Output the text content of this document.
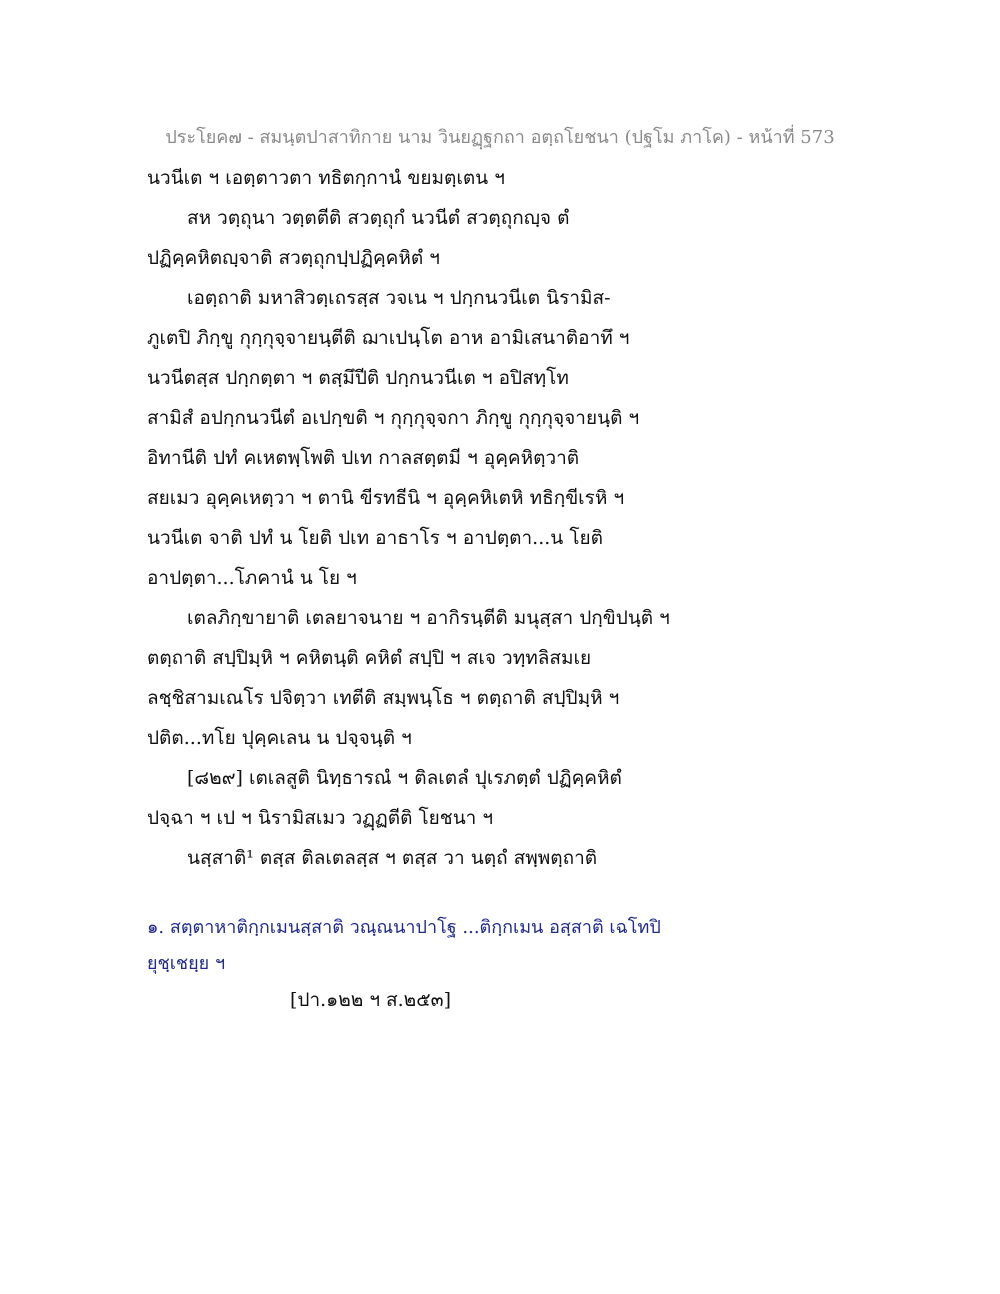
ประโยค๗ - สมนฺตปาสาทิกาย นาม วินยฏฺฐกถา อตฺถโยชนา (ปฐโม ภาโค) - หน้าที่ 573
นวนีเต ฯ เอตฺตาวตา ทธิตกฺกานํ ขยมตฺเตน ฯ
สห วตฺถุนา วตฺตตีติ สวตฺถุกํ นวนีตํ สวตฺถุกญฺจ ตํ
ปฏิคฺคหิตญฺจาติ สวตฺถุกปฺปฏิคฺคหิตํ ฯ
เอตฺถาติ มหาสิวตฺเถรสฺส วจเน ฯ ปกฺกนวนีเต นิรามิส-
ภูเตปิ ภิกฺขู กุกฺกุจฺจายนฺตีติ ฌาเปนฺโต อาห อามิเสนาติอาทึ ฯ
นวนีตสฺส ปกฺกตฺตา ฯ ตสฺมึปีติ ปกฺกนวนีเต ฯ อปิสทฺโท
สามิสํ อปกฺกนวนีตํ อเปกฺขติ ฯ กุกฺกุจฺจกา ภิกฺขู กุกฺกุจฺจายนฺติ ฯ
อิทานีติ ปทํ คเหตพฺโพติ ปเท กาลสตฺตมี ฯ อุคฺคหิตฺวาติ
สยเมว อุคฺคเหตฺวา ฯ ตานิ ขีรทธีนิ ฯ อุคฺคหิเตหิ ทธิกฺขีเรหิ ฯ
นวนีเต จาติ ปทํ น โยติ ปเท อาธาโร ฯ อาปตฺตา...น โยติ
อาปตฺตา...โภคานํ น โย ฯ
เตลภิกฺขายาติ เตลยาจนาย ฯ อากิรนฺตีติ มนุสฺสา ปกฺขิปนฺติ ฯ
ตตฺถาติ สปฺปิมฺหิ ฯ คหิตนฺติ คหิตํ สปฺปิ ฯ สเจ วทฺทลิสมเย
ลชฺชิสามเณโร ปจิตฺวา เทตีติ สมฺพนฺโธ ฯ ตตฺถาติ สปฺปิมฺหิ ฯ
ปติต...ทโย ปุคฺคเลน น ปจฺจนฺติ ฯ
[๘๒๙] เตเลสูติ นิทฺธารณํ ฯ ติลเตลํ ปุเรภตฺตํ ปฏิคฺคหิตํ
ปจฺฉา ฯ เป ฯ นิรามิสเมว วฏฺฏตีติ โยชนา ฯ
นสฺสาติ¹ ตสฺส ติลเตลสฺส ฯ ตสฺส วา นตฺถํ สพฺพตฺถาติ
๑. สตฺตาหาติกฺกเมนสฺสาติ วณฺณนาปาโฐ ...ติกฺกเมน อสฺสาติ เฉโทปิ
ยุชฺเชยฺย ฯ
[ปา.๑๒๒ ฯ ส.๒๕๓]
